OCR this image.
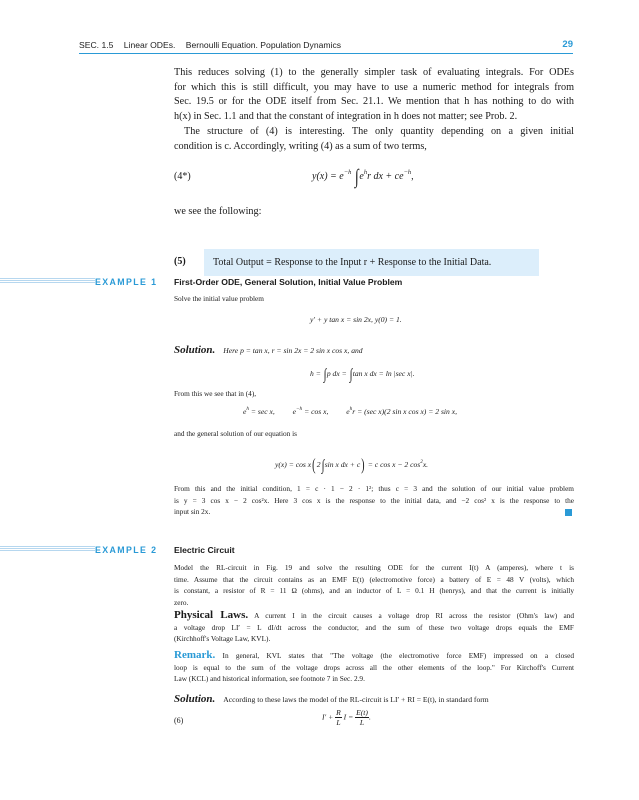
SEC. 1.5 Linear ODEs. Bernoulli Equation. Population Dynamics	29
This reduces solving (1) to the generally simpler task of evaluating integrals. For ODEs
for which this is still difficult, you may have to use a numeric method for integrals from
Sec. 19.5 or for the ODE itself from Sec. 21.1. We mention that h has nothing to do with
h(x) in Sec. 1.1 and that the constant of integration in h does not matter; see Prob. 2.
The structure of (4) is interesting. The only quantity depending on a given initial
condition is c. Accordingly, writing (4) as a sum of two terms,
(4*)	$y(x) = e^{-h}$ $\int e^hr$ dx + $ce^{-h}$,
we see the following:
(5)	Total Output = Response to the Input r + Response to the Initial Data.
EXAMPLE 1 First-Order ODE, General Solution, Initial Value Problem
Solve the initial value problem
y′ + y tan x = sin 2x, y(0) = 1.
Solution. Here p = tan x, r = sin 2x = 2 sin x cos x, and
h = ∫p dx = ∫tan x dx = ln |sec x|.
From this we see that in (4),
$e^h = \sec x$, $e^{-h} = \cos x$, $e^hr = (\sec$ x)(2 sin x cos x) = 2 sin x,
and the general solution of our equation is
y(x) = cos x(2∫sin x dx + c) = c cos x − 2 $\cos^2x$.
From this and the initial condition, 1 = c · 1 − 2 · 1²; thus c = 3 and the solution of our initial value problem
is y = 3 cos x − 2 cos²x. Here 3 cos x is the response to the initial data, and −2 cos² x is the response to the
input sin 2x.
EXAMPLE 2 Electric Circuit
Model the RL-circuit in Fig. 19 and solve the resulting ODE for the current I(t) A (amperes), where t is
time. Assume that the circuit contains as an EMF E(t) (electromotive force) a battery of E = 48 V (volts), which
is constant, a resistor of R = 11 Ω (ohms), and an inductor of L = 0.1 H (henrys), and that the current is initially
zero.
Physical Laws. A current I in the circuit causes a voltage drop RI across the resistor (Ohm's law) and
a voltage drop LI′ = L dI/dt across the conductor, and the sum of these two voltage drops equals the EMF
(Kirchhoff's Voltage Law, KVL).
Remark. In general, KVL states that "The voltage (the electromotive force EMF) impressed on a closed
loop is equal to the sum of the voltage drops across all the other elements of the loop." For Kirchoff's Current
Law (KCL) and historical information, see footnote 7 in Sec. 2.9.
Solution. According to these laws the model of the RL-circuit is LI′ + RI = E(t), in standard form
(6)	$I' + \frac{R}{L}$ $I = \frac{E(t)}{L}$ .
